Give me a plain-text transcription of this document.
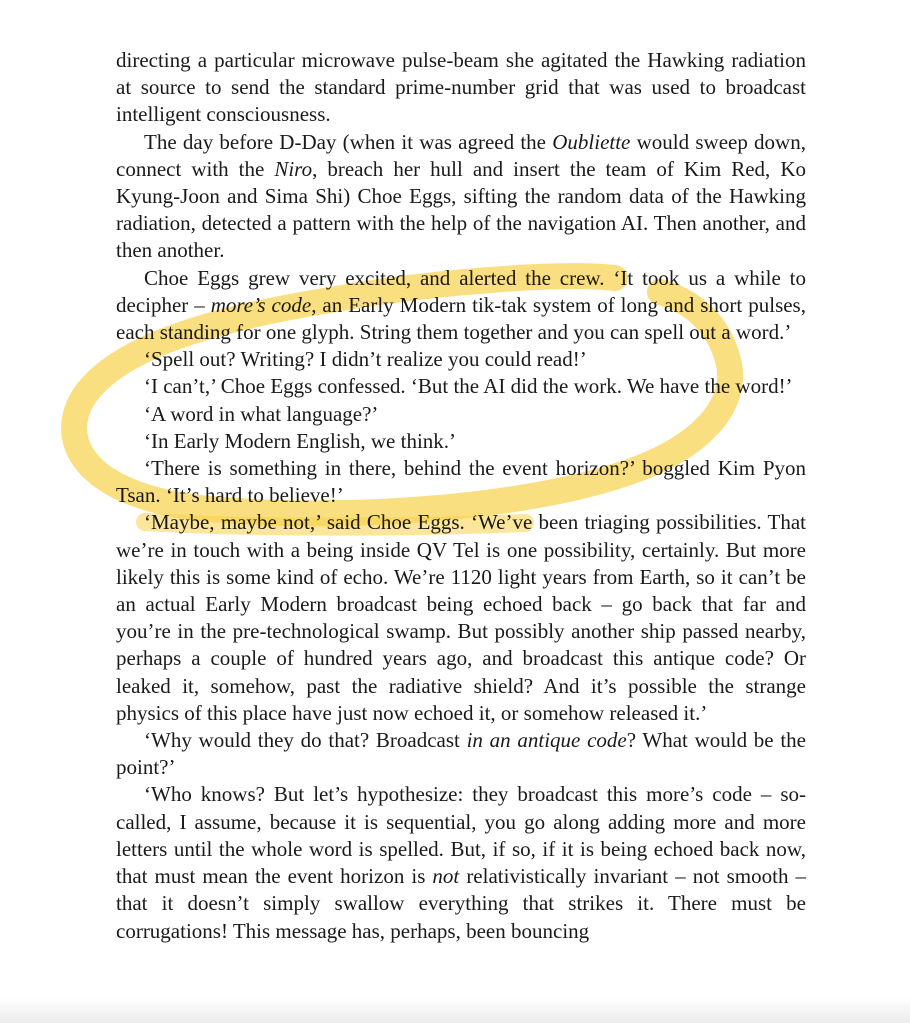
directing a particular microwave pulse-beam she agitated the Hawking radiation at source to send the standard prime-number grid that was used to broadcast intelligent consciousness.

The day before D-Day (when it was agreed the Oubliette would sweep down, connect with the Niro, breach her hull and insert the team of Kim Red, Ko Kyung-Joon and Sima Shi) Choe Eggs, sifting the random data of the Hawking radiation, detected a pattern with the help of the navigation AI. Then another, and then another.

Choe Eggs grew very excited, and alerted the crew. ‘It took us a while to decipher – more’s code, an Early Modern tik-tak system of long and short pulses, each standing for one glyph. String them together and you can spell out a word.’

‘Spell out? Writing? I didn’t realize you could read!’

‘I can’t,’ Choe Eggs confessed. ‘But the AI did the work. We have the word!’

‘A word in what language?’

‘In Early Modern English, we think.’

‘There is something in there, behind the event horizon?’ boggled Kim Pyon Tsan. ‘It’s hard to believe!’

‘Maybe, maybe not,’ said Choe Eggs. ‘We’ve been triaging possibilities. That we’re in touch with a being inside QV Tel is one possibility, certainly. But more likely this is some kind of echo. We’re 1120 light years from Earth, so it can’t be an actual Early Modern broadcast being echoed back – go back that far and you’re in the pre-technological swamp. But possibly another ship passed nearby, perhaps a couple of hundred years ago, and broadcast this antique code? Or leaked it, somehow, past the radiative shield? And it’s possible the strange physics of this place have just now echoed it, or somehow released it.’

‘Why would they do that? Broadcast in an antique code? What would be the point?’

‘Who knows? But let’s hypothesize: they broadcast this more’s code – so-called, I assume, because it is sequential, you go along adding more and more letters until the whole word is spelled. But, if so, if it is being echoed back now, that must mean the event horizon is not relativistically invariant – not smooth – that it doesn’t simply swallow everything that strikes it. There must be corrugations! This message has, perhaps, been bouncing
